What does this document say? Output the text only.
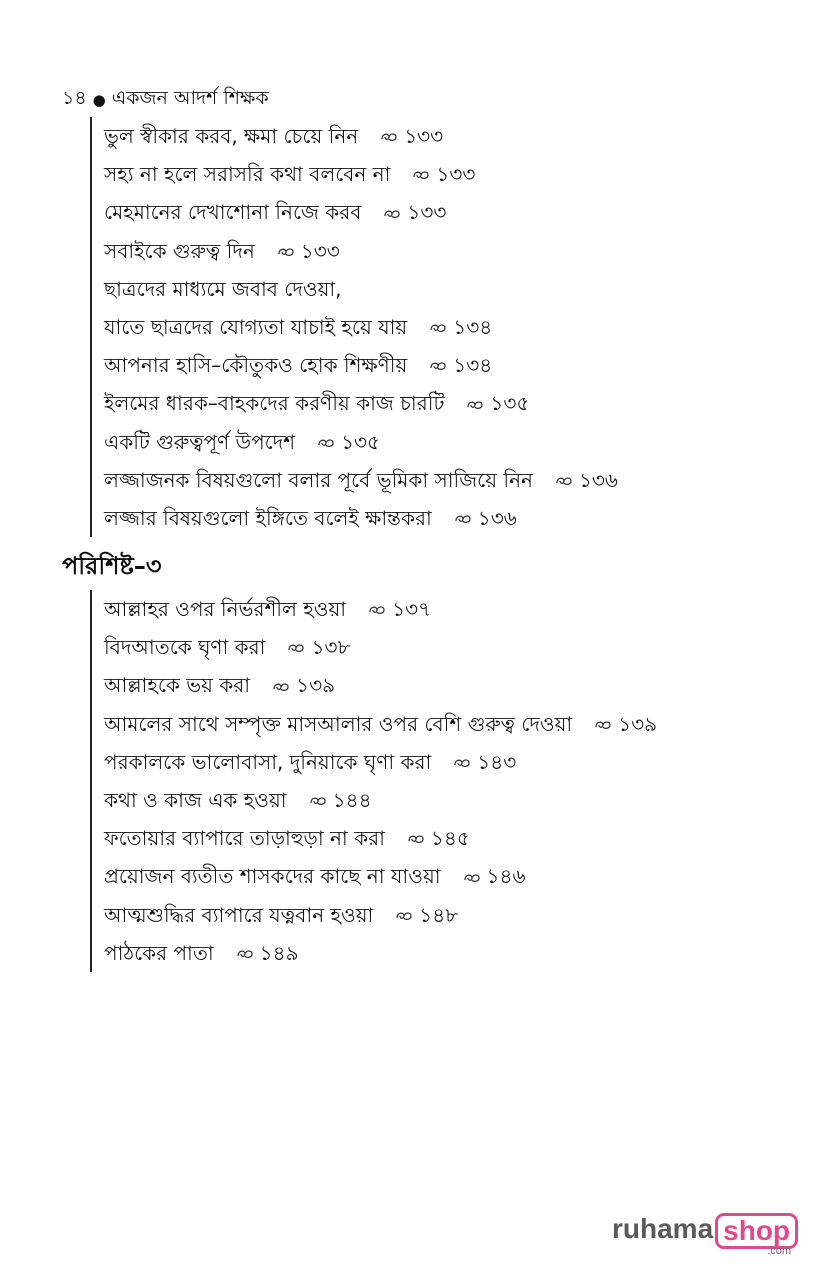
১৪ ● একজন আদর্শ শিক্ষক
ভুল স্বীকার করব, ক্ষমা চেয়ে নিন ১৩৩
সহ্য না হলে সরাসরি কথা বলবেন না ১৩৩
মেহমানের দেখাশোনা নিজে করব ১৩৩
সবাইকে গুরুত্ব দিন ১৩৩
ছাত্রদের মাধ্যমে জবাব দেওয়া,
যাতে ছাত্রদের যোগ্যতা যাচাই হয়ে যায় ১৩৪
আপনার হাসি–কৌতুকও হোক শিক্ষণীয় ১৩৪
ইলমের ধারক–বাহকদের করণীয় কাজ চারটি ১৩৫
একটি গুরুত্বপূর্ণ উপদেশ ১৩৫
লজ্জাজনক বিষয়গুলো বলার পূর্বে ভূমিকা সাজিয়ে নিন ১৩৬
লজ্জার বিষয়গুলো ইঙ্গিতে বলেই ক্ষান্তকরা ১৩৬
পরিশিষ্ট–৩
আল্লাহর ওপর নির্ভরশীল হওয়া ১৩৭
বিদআতকে ঘৃণা করা ১৩৮
আল্লাহকে ভয় করা ১৩৯
আমলের সাথে সম্পৃক্ত মাসআলার ওপর বেশি গুরুত্ব দেওয়া ১৩৯
পরকালকে ভালোবাসা, দুনিয়াকে ঘৃণা করা ১৪৩
কথা ও কাজ এক হওয়া ১৪৪
ফতোয়ার ব্যাপারে তাড়াহুড়া না করা ১৪৫
প্রয়োজন ব্যতীত শাসকদের কাছে না যাওয়া ১৪৬
আত্মশুদ্ধির ব্যাপারে যত্নবান হওয়া ১৪৮
পাঠকের পাতা ১৪৯
ruhama shop
.com
